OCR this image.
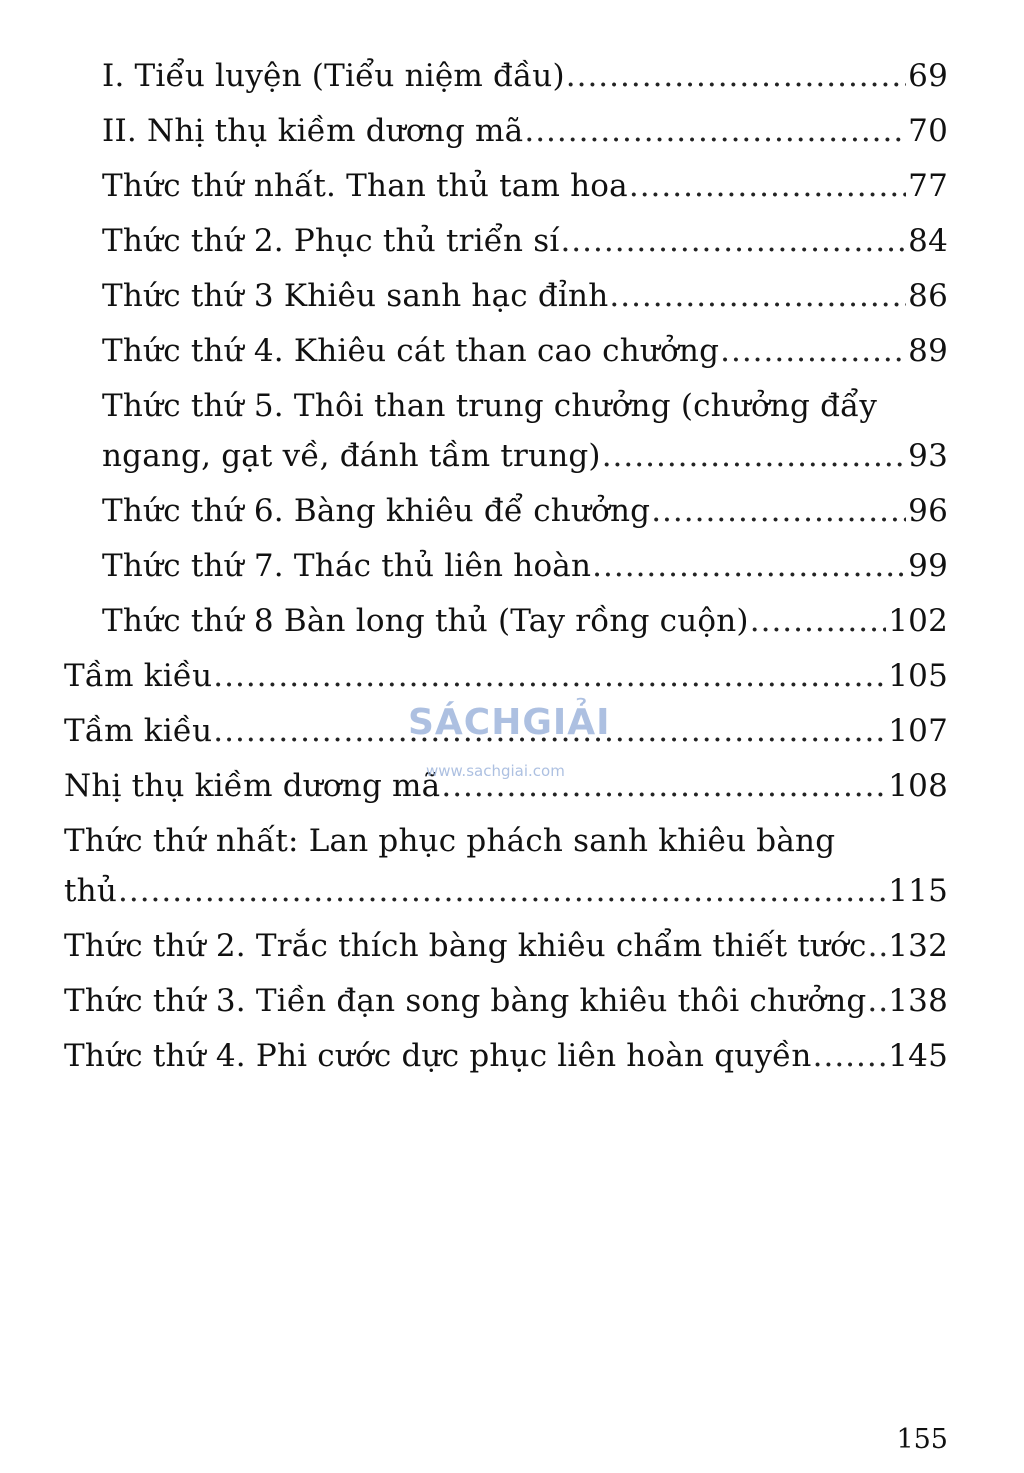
I. Tiểu luyện (Tiểu niệm đầu) .....	69
II. Nhị thụ kiềm dương mã .....	70
Thức thứ nhất. Than thủ tam hoa .....	77
Thức thứ 2. Phục thủ triển sí .....	84
Thức thứ 3 Khiêu sanh hạc đỉnh .....	86
Thức thứ 4. Khiêu cát than cao chưởng .....	89
Thức thứ 5. Thôi than trung chưởng (chưởng đẩy
ngang, gạt về, đánh tầm trung) .....	93
Thức thứ 6. Bàng khiêu để chưởng .....	96
Thức thứ 7. Thác thủ liên hoàn .....	99
Thức thứ 8 Bàn long thủ (Tay rồng cuộn) .....	102
Tầm kiều .....	105
Tầm kiều .....	107
Nhị thụ kiềm dương mã .....	108
Thức thứ nhất: Lan phục phách sanh khiêu bàng
thủ .....	115
Thức thứ 2. Trắc thích bàng khiêu chẩm thiết tước ..... 132
Thức thứ 3. Tiền đạn song bàng khiêu thôi chưởng ..... 138
Thức thứ 4. Phi cước dực phục liên hoàn quyền ..... 145
SÁCHGIẢI
www.sachgiai.com
155
